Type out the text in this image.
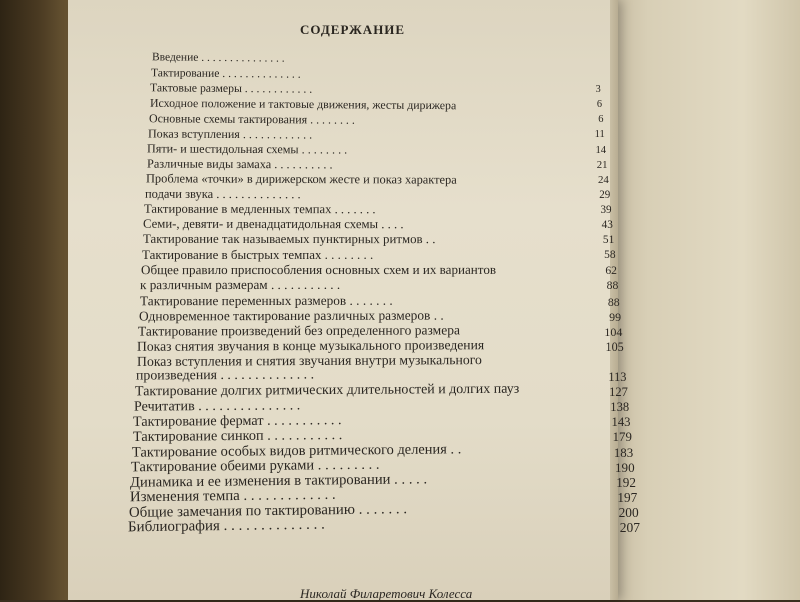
СОДЕРЖАНИЕ
Введение . . . . . . . . . . . . . . .
Тактирование . . . . . . . . . . . . . .
Тактовые размеры . . . . . . . . . . . .	3
Исходное положение и тактовые движения, жесты дирижера	6
Основные схемы тактирования . . . . . . . .	6
Показ вступления . . . . . . . . . . . .	11
Пяти- и шестидольная схемы . . . . . . . .	14
Различные виды замаха . . . . . . . . . .	21
Проблема «точки» в дирижерском жесте и показ характера	24
подачи звука . . . . . . . . . . . . . .	29
Тактирование в медленных темпах . . . . . . .	39
Семи-, девяти- и двенадцатидольная схемы . . . .	43
Тактирование так называемых пунктирных ритмов . .	51
Тактирование в быстрых темпах . . . . . . . .	58
Общее правило приспособления основных схем и их вариантов	62
к различным размерам . . . . . . . . . . .	88
Тактирование переменных размеров . . . . . . .	88
Одновременное тактирование различных размеров . .	99
Тактирование произведений без определенного размера	104
Показ снятия звучания в конце музыкального произведения	105
Показ вступления и снятия звучания внутри музыкального
произведения . . . . . . . . . . . . . .	113
Тактирование долгих ритмических длительностей и долгих пауз	127
Речитатив . . . . . . . . . . . . . . .	138
Тактирование фермат . . . . . . . . . . .	143
Тактирование синкоп . . . . . . . . . . .	179
Тактирование особых видов ритмического деления . .	183
Тактирование обеими руками . . . . . . . . .	190
Динамика и ее изменения в тактировании . . . . .	192
Изменения темпа . . . . . . . . . . . . .	197
Общие замечания по тактированию . . . . . . .	200
Библиография . . . . . . . . . . . . . .	207
Николай Филаретович Колесса
